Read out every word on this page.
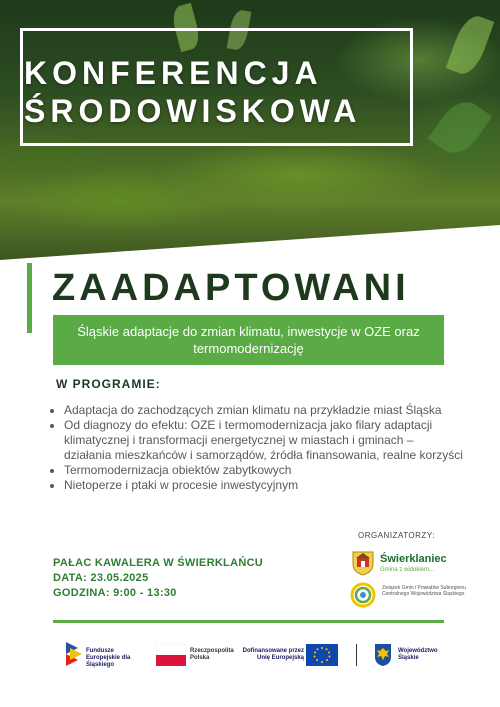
KONFERENCJA
ŚRODOWISKOWA
ZAADAPTOWANI
Śląskie adaptacje do zmian klimatu, inwestycje w OZE oraz termomodernizację
W PROGRAMIE:
• Adaptacja do zachodzących zmian klimatu na przykładzie miast Śląska
• Od diagnozy do efektu: OZE i termomodernizacja jako filary adaptacji klimatycznej i transformacji energetycznej w miastach i gminach – działania mieszkańców i samorządów, źródła finansowania, realne korzyści
• Termomodernizacja obiektów zabytkowych
• Nietoperze i ptaki w procesie inwestycyjnym
ORGANIZATORZY:
PAŁAC KAWALERA W ŚWIERKLAŃCU
DATA: 23.05.2025
GODZINA: 9:00 - 13:30
Świerklaniec
Gmina z widokiem...
Związek Gmin i Powiatów Subregionu Centralnego Województwa Śląskiego
Fundusze Europejskie dla Śląskiego
Rzeczpospolita Polska
Dofinansowane przez Unię Europejską
Województwo Śląskie
